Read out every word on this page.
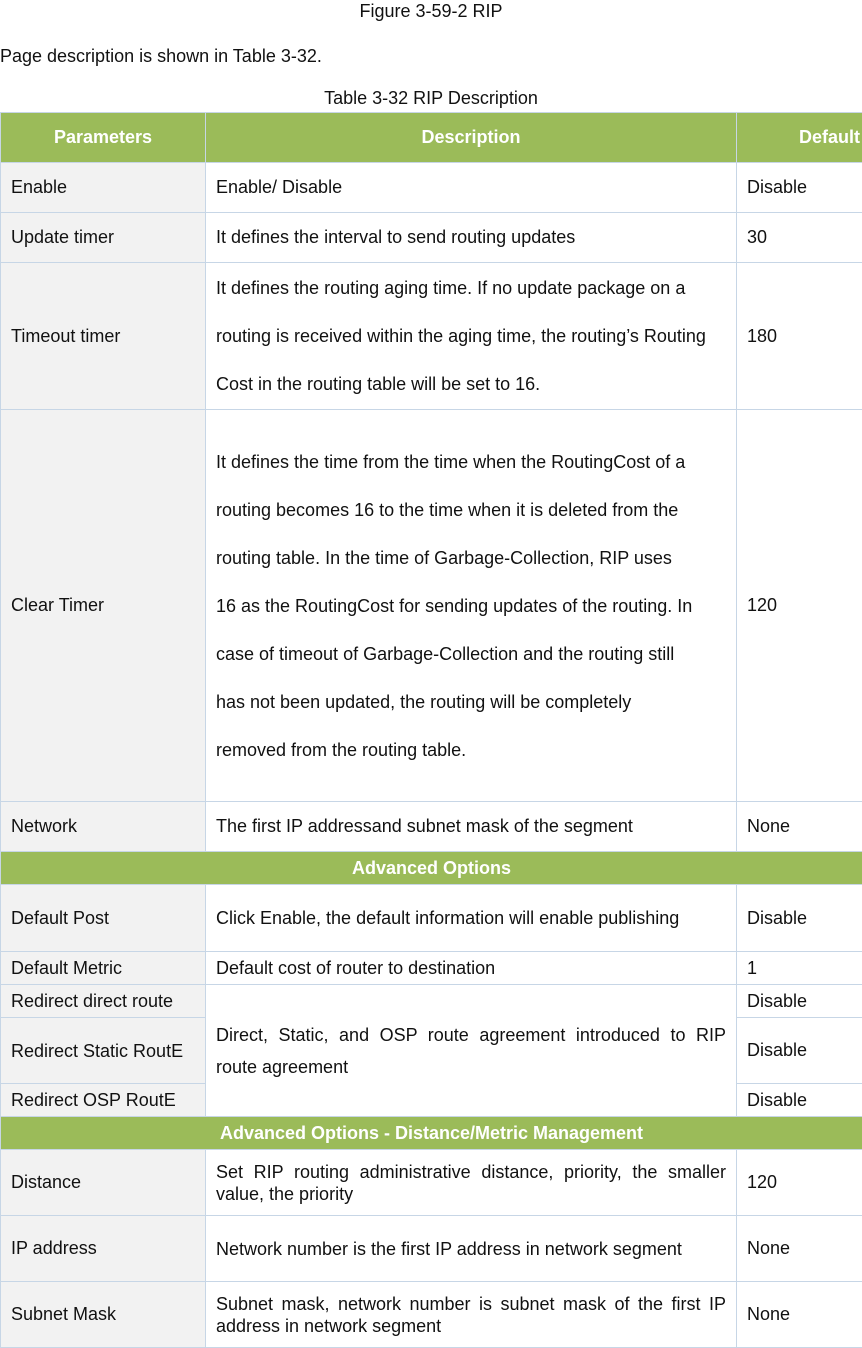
Figure 3-59-2 RIP
Page description is shown in Table 3-32.
Table 3-32 RIP Description
Parameters	Description	Default
Enable	Enable/ Disable	Disable
Update timer	It defines the interval to send routing updates	30
Timeout timer	It defines the routing aging time. If no update package on a routing is received within the aging time, the routing’s Routing Cost in the routing table will be set to 16.	180
Clear Timer	It defines the time from the time when the RoutingCost of a routing becomes 16 to the time when it is deleted from the routing table. In the time of Garbage-Collection, RIP uses 16 as the RoutingCost for sending updates of the routing. In case of timeout of Garbage-Collection and the routing still has not been updated, the routing will be completely removed from the routing table.	120
Network	The first IP addressand subnet mask of the segment	None
Advanced Options		
Default Post	Click Enable, the default information will enable publishing	Disable
Default Metric	Default cost of router to destination	1
Redirect direct route	Direct, Static, and OSP route agreement introduced to RIP route agreement	Disable
Redirect Static RoutE		Disable
Redirect OSP RoutE		Disable
Advanced Options - Distance/Metric Management		
Distance	Set RIP routing administrative distance, priority, the smaller value, the priority	120
IP address	Network number is the first IP address in network segment	None
Subnet Mask	Subnet mask, network number is subnet mask of the first IP address in network segment	None
